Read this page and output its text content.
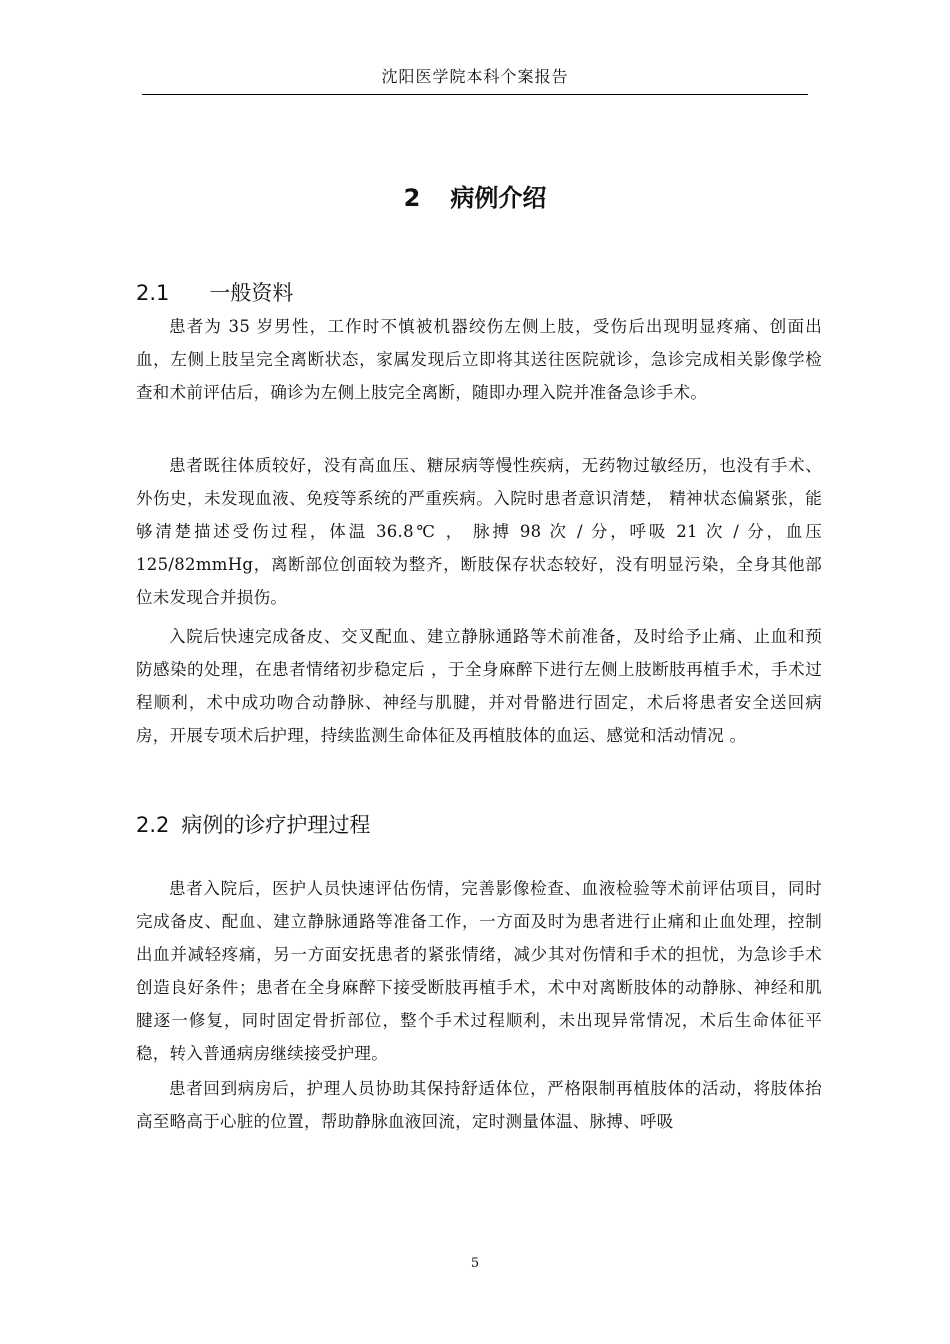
沈阳医学院本科个案报告
2 病例介绍
2.1 一般资料

患者为 35 岁男性，工作时不慎被机器绞伤左侧上肢，受伤后出现明显疼痛、创面出血，左侧上肢呈完全离断状态，家属发现后立即将其送往医院就诊，急诊完成相关影像学检查和术前评估后，确诊为左侧上肢完全离断，随即办理入院并准备急诊手术。

患者既往体质较好，没有高血压、糖尿病等慢性疾病，无药物过敏经历，也没有手术、外伤史，未发现血液、免疫等系统的严重疾病。入院时患者意识清楚， 精神状态偏紧张，能够清楚描述受伤过程，体温 36.8℃ ， 脉搏 98 次 / 分，呼吸 21 次 / 分，血压 125/82mmHg，离断部位创面较为整齐，断肢保存状态较好，没有明显污染，全身其他部位未发现合并损伤。

入院后快速完成备皮、交叉配血、建立静脉通路等术前准备，及时给予止痛、止血和预防感染的处理，在患者情绪初步稳定后 ，于全身麻醉下进行左侧上肢断肢再植手术，手术过程顺利，术中成功吻合动静脉、神经与肌腱，并对骨骼进行固定，术后将患者安全送回病房，开展专项术后护理，持续监测生命体征及再植肢体的血运、感觉和活动情况 。

2.2 病例的诊疗护理过程

患者入院后，医护人员快速评估伤情，完善影像检查、血液检验等术前评估项目，同时完成备皮、配血、建立静脉通路等准备工作，一方面及时为患者进行止痛和止血处理，控制出血并减轻疼痛，另一方面安抚患者的紧张情绪，减少其对伤情和手术的担忧，为急诊手术创造良好条件；患者在全身麻醉下接受断肢再植手术，术中对离断肢体的动静脉、神经和肌腱逐一修复，同时固定骨折部位，整个手术过程顺利，未出现异常情况，术后生命体征平稳，转入普通病房继续接受护理。

患者回到病房后，护理人员协助其保持舒适体位，严格限制再植肢体的活动，将肢体抬高至略高于心脏的位置，帮助静脉血液回流，定时测量体温、脉搏、呼吸

5
